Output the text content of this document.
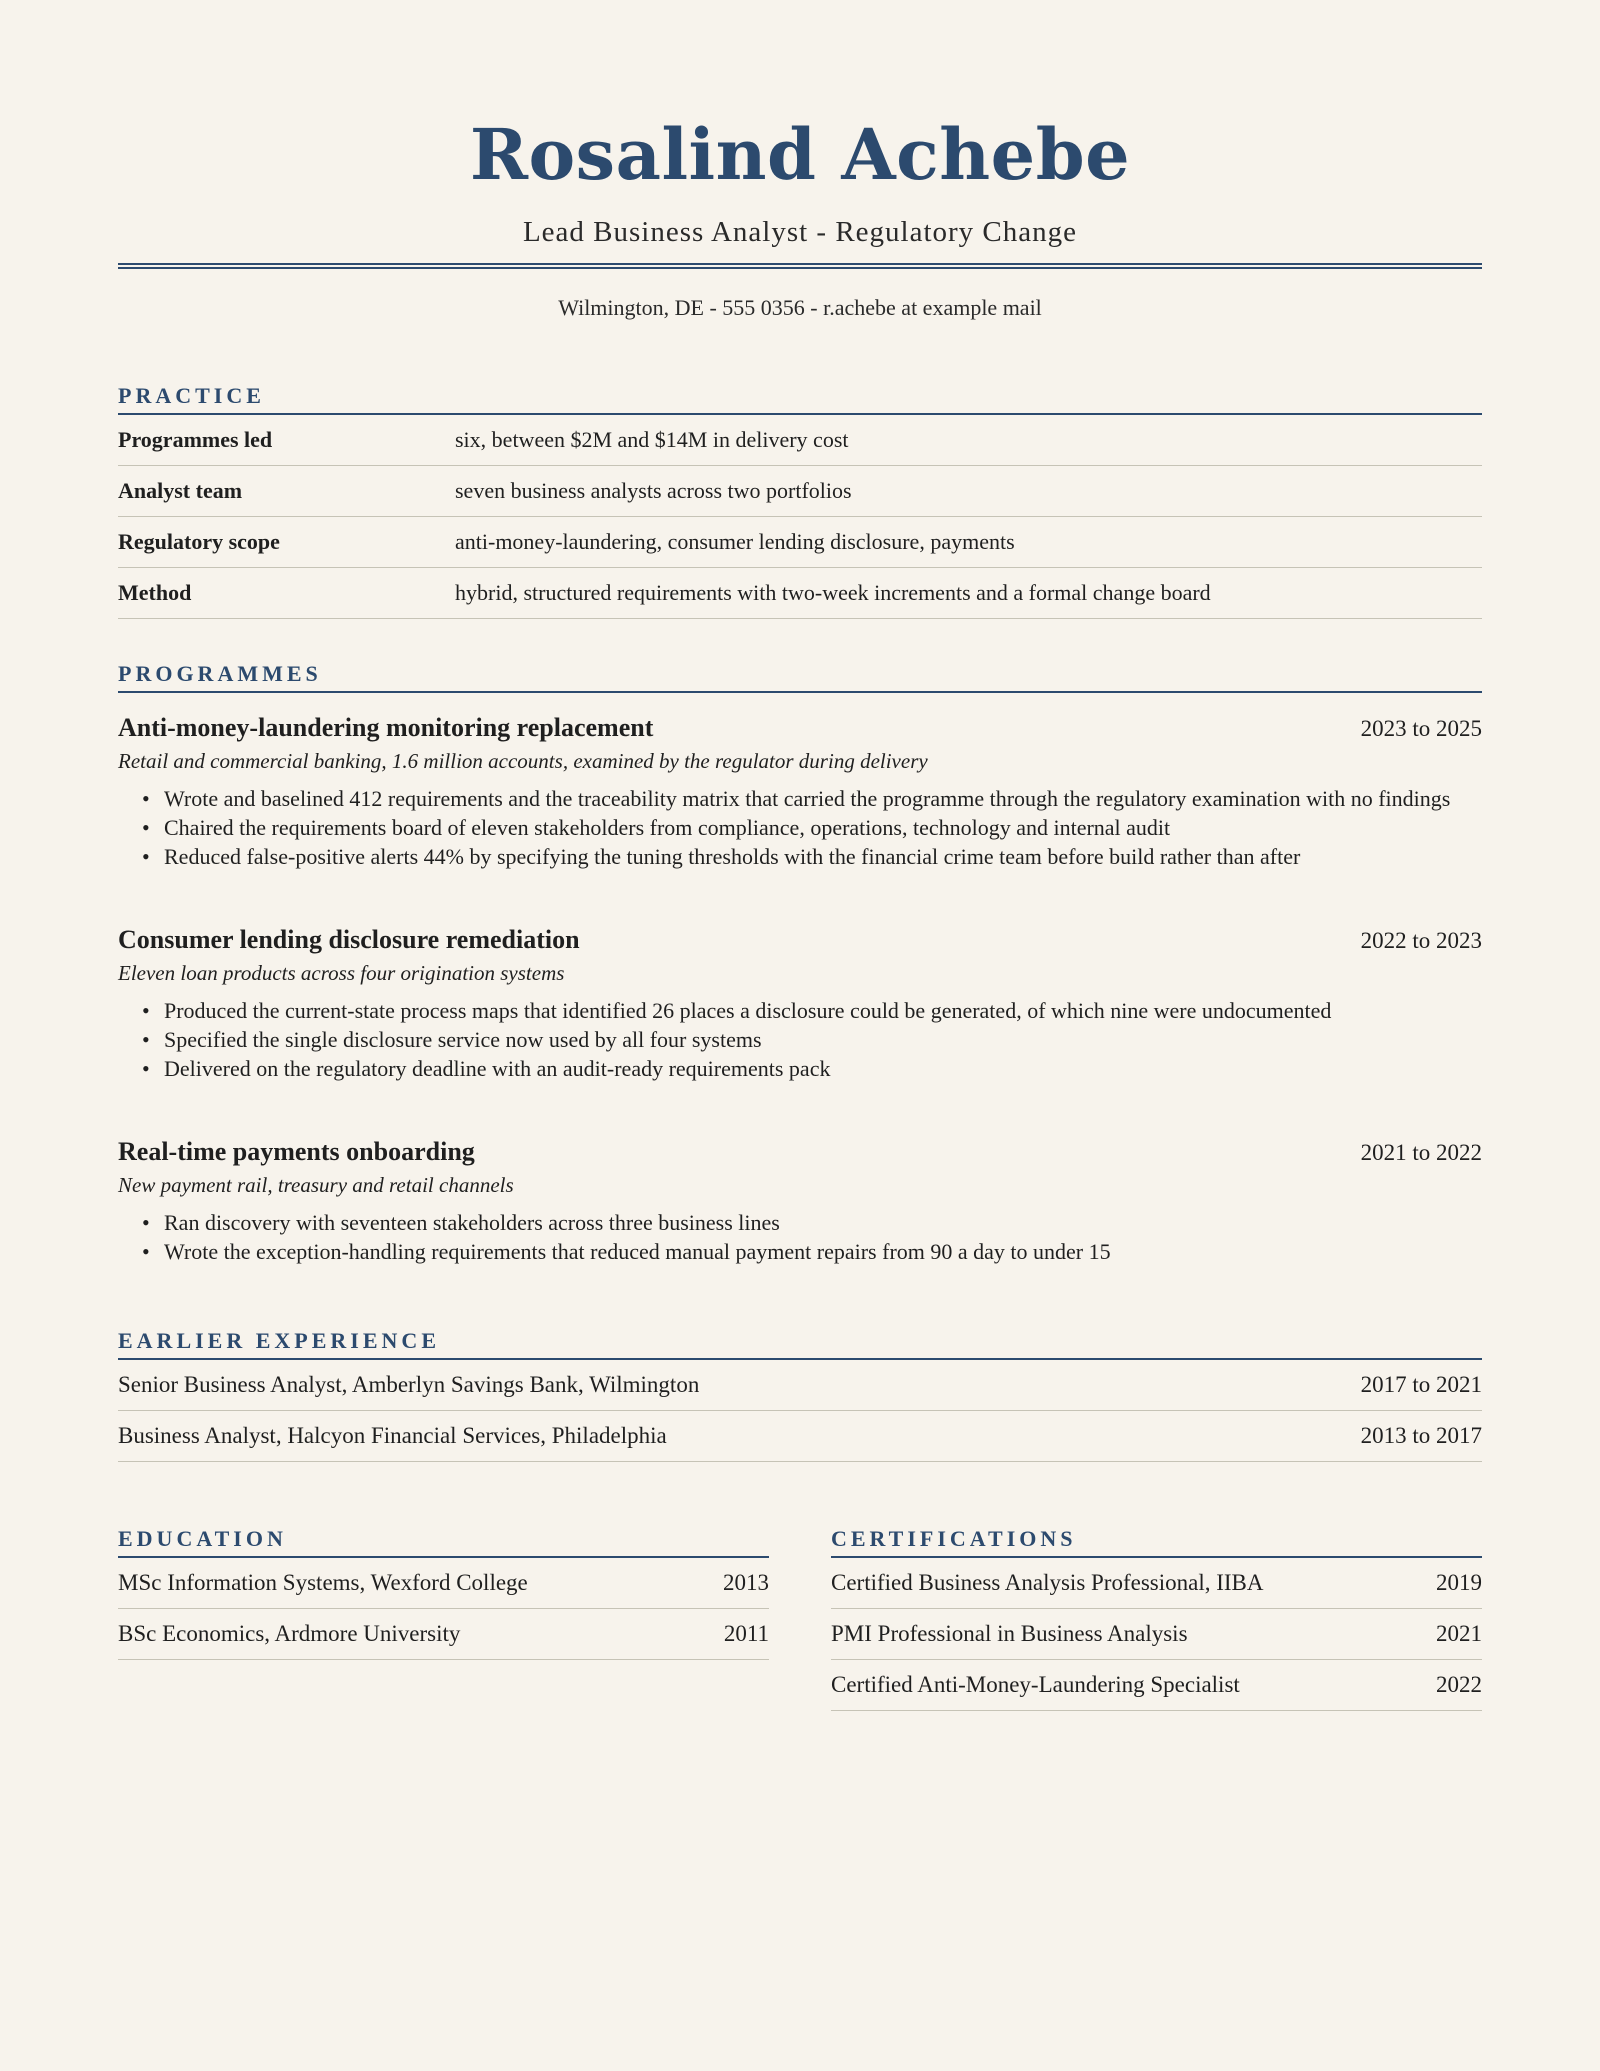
Rosalind Achebe
Lead Business Analyst - Regulatory Change
Wilmington, DE - 555 0356 - r.achebe at example mail
PRACTICE
Programmes led	six, between $2M and $14M in delivery cost
Analyst team	seven business analysts across two portfolios
Regulatory scope	anti-money-laundering, consumer lending disclosure, payments
Method	hybrid, structured requirements with two-week increments and a formal change board
PROGRAMMES
Anti-money-laundering monitoring replacement	2023 to 2025
Retail and commercial banking, 1.6 million accounts, examined by the regulator during delivery
• Wrote and baselined 412 requirements and the traceability matrix that carried the programme through the regulatory examination with no findings
• Chaired the requirements board of eleven stakeholders from compliance, operations, technology and internal audit
• Reduced false-positive alerts 44% by specifying the tuning thresholds with the financial crime team before build rather than after
Consumer lending disclosure remediation	2022 to 2023
Eleven loan products across four origination systems
• Produced the current-state process maps that identified 26 places a disclosure could be generated, of which nine were undocumented
• Specified the single disclosure service now used by all four systems
• Delivered on the regulatory deadline with an audit-ready requirements pack
Real-time payments onboarding	2021 to 2022
New payment rail, treasury and retail channels
• Ran discovery with seventeen stakeholders across three business lines
• Wrote the exception-handling requirements that reduced manual payment repairs from 90 a day to under 15
EARLIER EXPERIENCE
Senior Business Analyst, Amberlyn Savings Bank, Wilmington	2017 to 2021
Business Analyst, Halcyon Financial Services, Philadelphia	2013 to 2017
EDUCATION
MSc Information Systems, Wexford College	2013
BSc Economics, Ardmore University	2011
CERTIFICATIONS
Certified Business Analysis Professional, IIBA	2019
PMI Professional in Business Analysis	2021
Certified Anti-Money-Laundering Specialist	2022
